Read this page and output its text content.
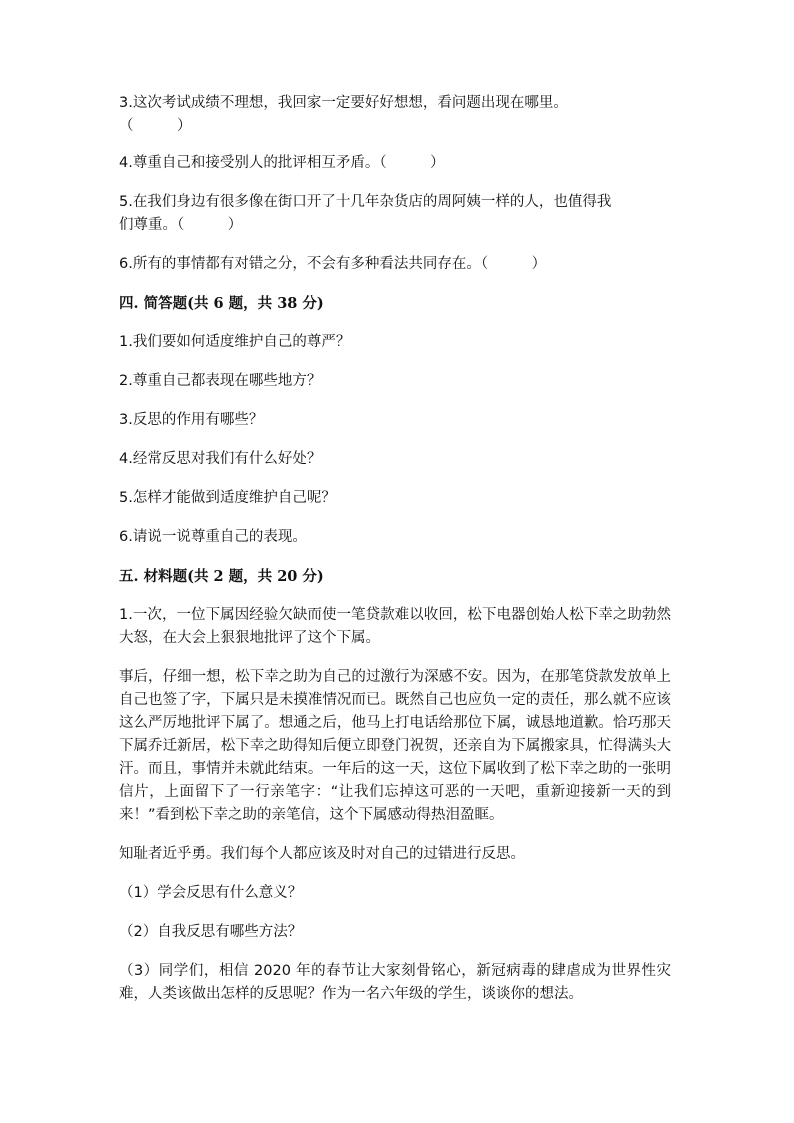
3.这次考试成绩不理想，我回家一定要好好想想，看问题出现在哪里。
（　　　）

4.尊重自己和接受别人的批评相互矛盾。（　　　）

5.在我们身边有很多像在街口开了十几年杂货店的周阿姨一样的人，也值得我
们尊重。（　　　）

6.所有的事情都有对错之分，不会有多种看法共同存在。（　　　）

四. 简答题(共 6 题，共 38 分)

1.我们要如何适度维护自己的尊严？

2.尊重自己都表现在哪些地方？

3.反思的作用有哪些？

4.经常反思对我们有什么好处？

5.怎样才能做到适度维护自己呢？

6.请说一说尊重自己的表现。

五. 材料题(共 2 题，共 20 分)

1.一次，一位下属因经验欠缺而使一笔贷款难以收回，松下电器创始人松下幸之助勃然大怒，在大会上狠狠地批评了这个下属。

事后，仔细一想，松下幸之助为自己的过激行为深感不安。因为，在那笔贷款发放单上自己也签了字，下属只是未摸准情况而已。既然自己也应负一定的责任，那么就不应该这么严厉地批评下属了。想通之后，他马上打电话给那位下属，诚恳地道歉。恰巧那天下属乔迁新居，松下幸之助得知后便立即登门祝贺，还亲自为下属搬家具，忙得满头大汗。而且，事情并未就此结束。一年后的这一天，这位下属收到了松下幸之助的一张明信片，上面留下了一行亲笔字：“让我们忘掉这可恶的一天吧，重新迎接新一天的到来！”看到松下幸之助的亲笔信，这个下属感动得热泪盈眶。

知耻者近乎勇。我们每个人都应该及时对自己的过错进行反思。

（1）学会反思有什么意义？

（2）自我反思有哪些方法？

（3）同学们，相信 2020 年的春节让大家刻骨铭心，新冠病毒的肆虐成为世界性灾难，人类该做出怎样的反思呢？作为一名六年级的学生，谈谈你的想法。
